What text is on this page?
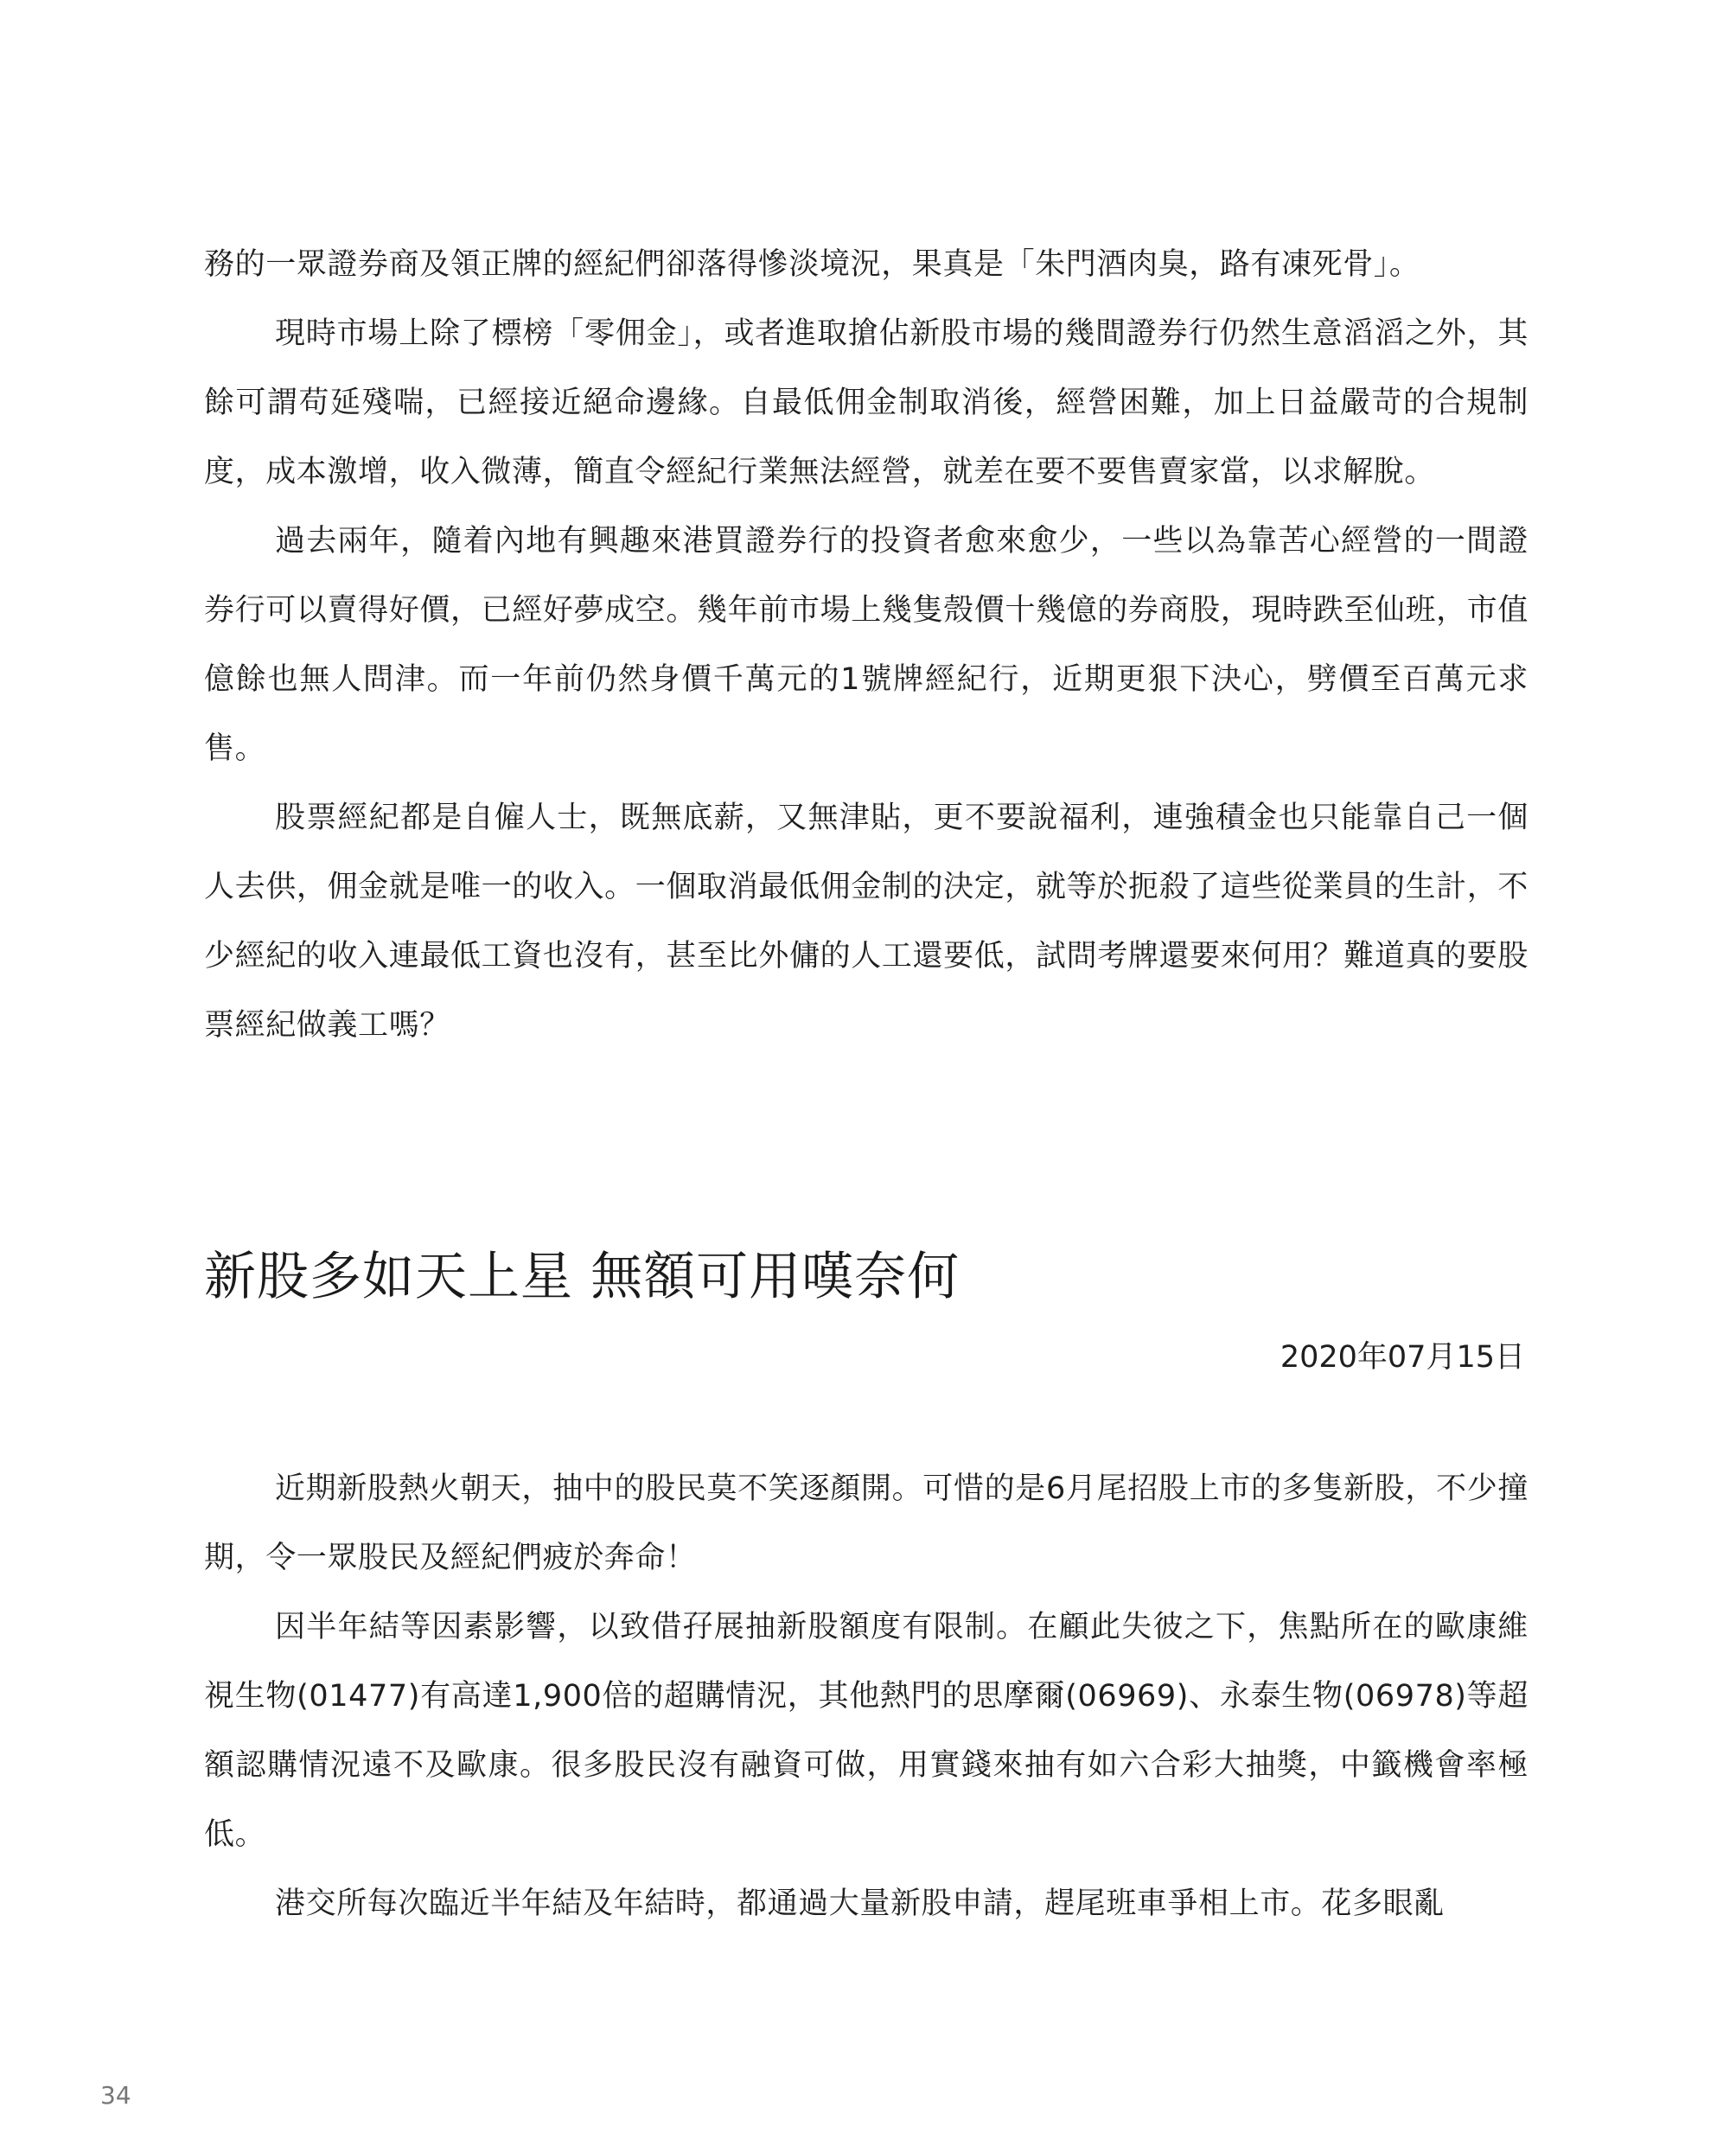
務的一眾證券商及領正牌的經紀們卻落得慘淡境況，果真是「朱門酒肉臭，路有凍死骨」。

現時市場上除了標榜「零佣金」，或者進取搶佔新股市場的幾間證券行仍然生意滔滔之外，其餘可謂苟延殘喘，已經接近絕命邊緣。自最低佣金制取消後，經營困難，加上日益嚴苛的合規制度，成本激增，收入微薄，簡直令經紀行業無法經營，就差在要不要售賣家當，以求解脫。

過去兩年，隨着內地有興趣來港買證券行的投資者愈來愈少，一些以為靠苦心經營的一間證券行可以賣得好價，已經好夢成空。幾年前市場上幾隻殼價十幾億的券商股，現時跌至仙班，市值億餘也無人問津。而一年前仍然身價千萬元的1號牌經紀行，近期更狠下決心，劈價至百萬元求售。

股票經紀都是自僱人士，既無底薪，又無津貼，更不要說福利，連強積金也只能靠自己一個人去供，佣金就是唯一的收入。一個取消最低佣金制的決定，就等於扼殺了這些從業員的生計，不少經紀的收入連最低工資也沒有，甚至比外傭的人工還要低，試問考牌還要來何用？難道真的要股票經紀做義工嗎？

新股多如天上星 無額可用嘆奈何

2020年07月15日

近期新股熱火朝天，抽中的股民莫不笑逐顏開。可惜的是6月尾招股上市的多隻新股，不少撞期，令一眾股民及經紀們疲於奔命！

因半年結等因素影響，以致借孖展抽新股額度有限制。在顧此失彼之下，焦點所在的歐康維視生物(01477)有高達1,900倍的超購情況，其他熱門的思摩爾(06969)、永泰生物(06978)等超額認購情況遠不及歐康。很多股民沒有融資可做，用實錢來抽有如六合彩大抽獎，中籤機會率極低。

港交所每次臨近半年結及年結時，都通過大量新股申請，趕尾班車爭相上市。花多眼亂

34
